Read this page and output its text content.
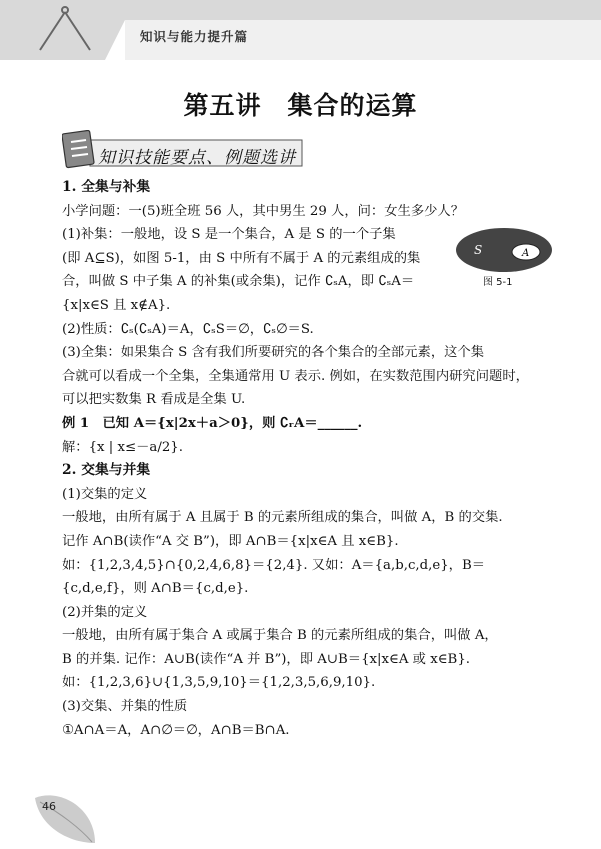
知识与能力提升篇
第五讲　集合的运算
知识技能要点、例题选讲

1. 全集与补集

小学问题：一(5)班全班 56 人，其中男生 29 人，问：女生多少人？

(1)补集：一般地，设 S 是一个集合，A 是 S 的一个子集

(即 A⊆S)，如图 5-1，由 S 中所有不属于 A 的元素组成的集

合，叫做 S 中子集 A 的补集(或余集)，记作 ∁ₛA，即 ∁ₛA＝

{x|x∈S 且 x∉A}.

(2)性质：∁ₛ(∁ₛA)＝A，∁ₛS＝∅，∁ₛ∅＝S.

(3)全集：如果集合 S 含有我们所要研究的各个集合的全部元素，这个集

合就可以看成一个全集，全集通常用 U 表示. 例如，在实数范围内研究问题时，

可以把实数集 R 看成是全集 U.

例 1　已知 A＝{x|2x＋a＞0}，则 ∁ᵣA＝______.

解：{x | x≤－a/2}.

2. 交集与并集

(1)交集的定义

一般地，由所有属于 A 且属于 B 的元素所组成的集合，叫做 A，B 的交集.

记作 A∩B(读作“A 交 B”)，即 A∩B＝{x|x∈A 且 x∈B}.

如：{1,2,3,4,5}∩{0,2,4,6,8}＝{2,4}. 又如：A＝{a,b,c,d,e}，B＝

{c,d,e,f}，则 A∩B＝{c,d,e}.

(2)并集的定义

一般地，由所有属于集合 A 或属于集合 B 的元素所组成的集合，叫做 A，

B 的并集. 记作：A∪B(读作“A 并 B”)，即 A∪B＝{x|x∈A 或 x∈B}.

如：{1,2,3,6}∪{1,3,5,9,10}＝{1,2,3,5,6,9,10}.

(3)交集、并集的性质

①A∩A＝A，A∩∅＝∅，A∩B＝B∩A.

S	A
图 5-1
46
